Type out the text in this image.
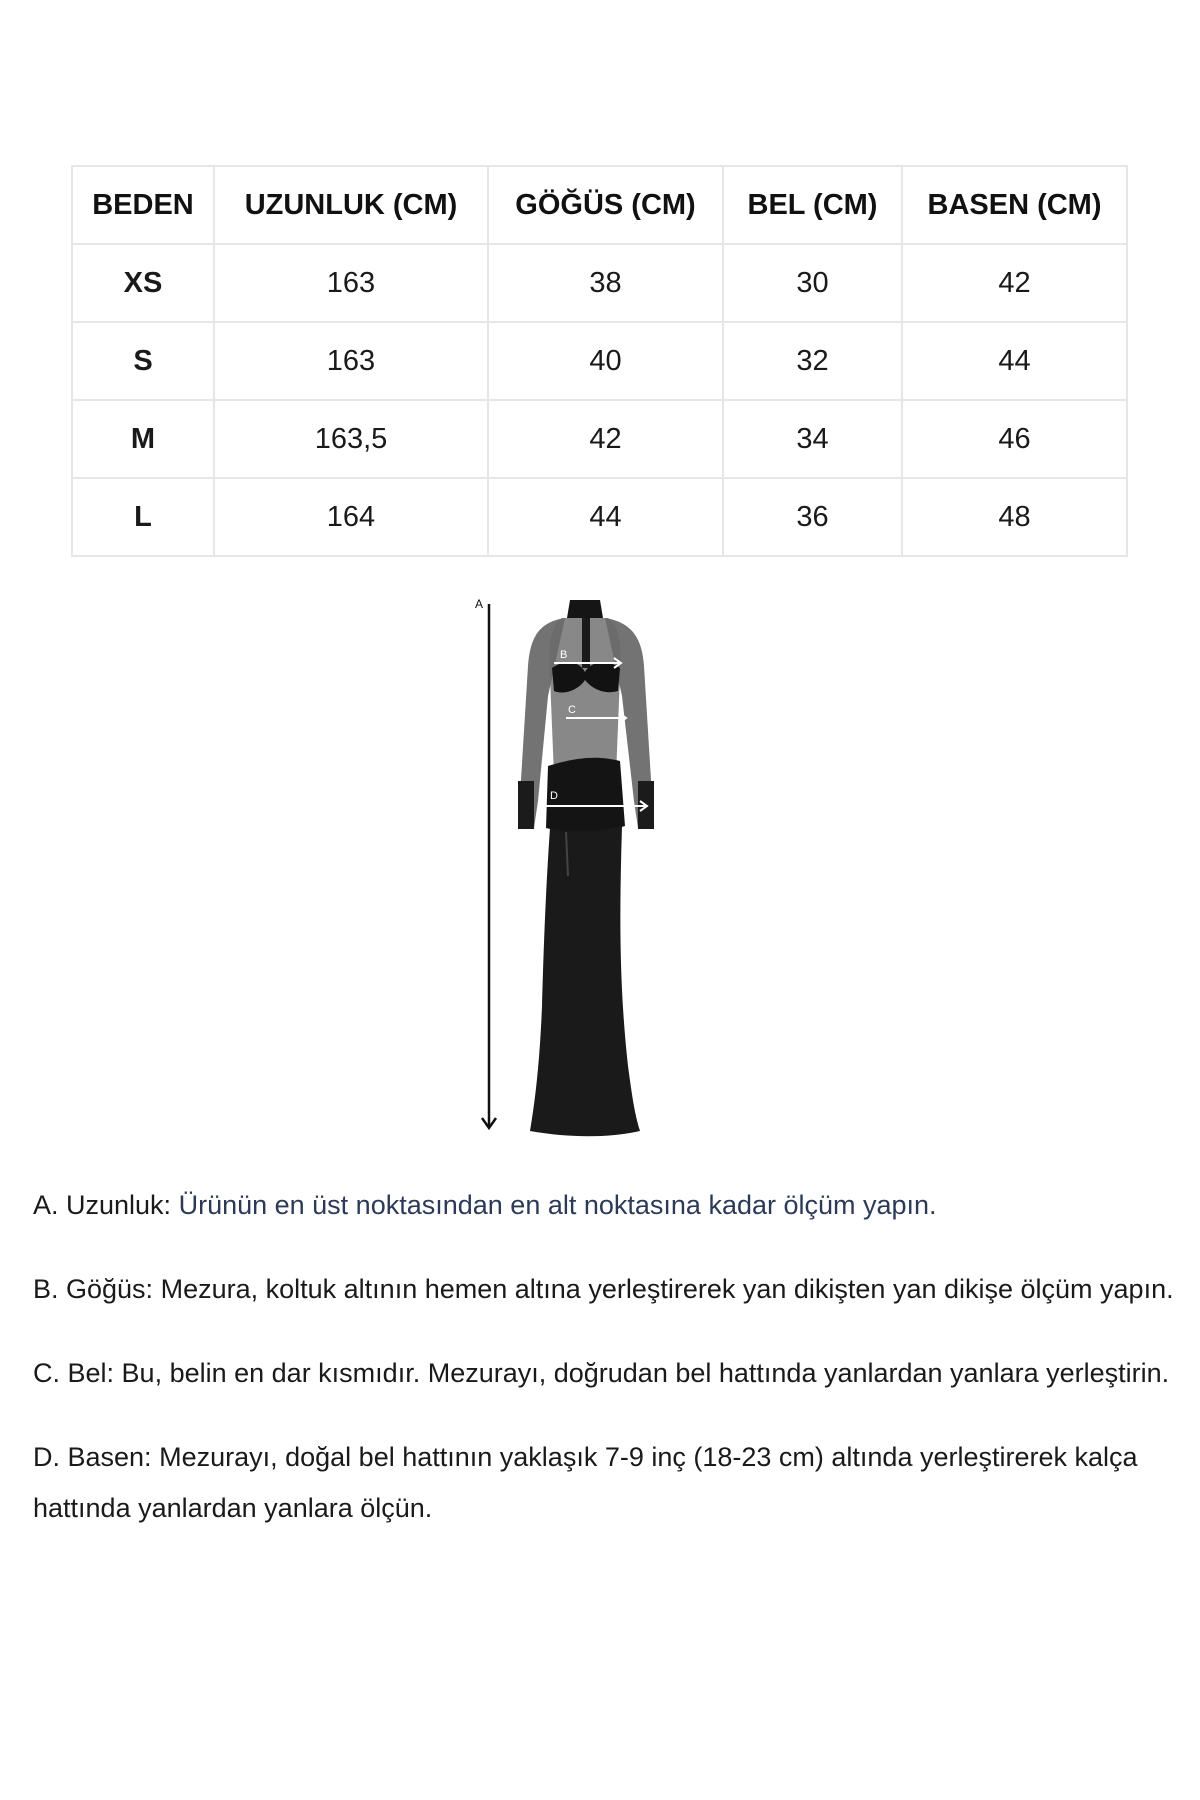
BEDEN	UZUNLUK (CM)	GÖĞÜS (CM)	BEL (CM)	BASEN (CM)
XS	163	38	30	42
S	163	40	32	44
M	163,5	42	34	46
L	164	44	36	48
A
B
C
D

A. Uzunluk: Ürünün en üst noktasından en alt noktasına kadar ölçüm yapın.

B. Göğüs: Mezura, koltuk altının hemen altına yerleştirerek yan dikişten yan dikişe ölçüm yapın.

C. Bel: Bu, belin en dar kısmıdır. Mezurayı, doğrudan bel hattında yanlardan yanlara yerleştirin.

D. Basen: Mezurayı, doğal bel hattının yaklaşık 7-9 inç (18-23 cm) altında yerleştirerek kalça hattında yanlardan yanlara ölçün.
